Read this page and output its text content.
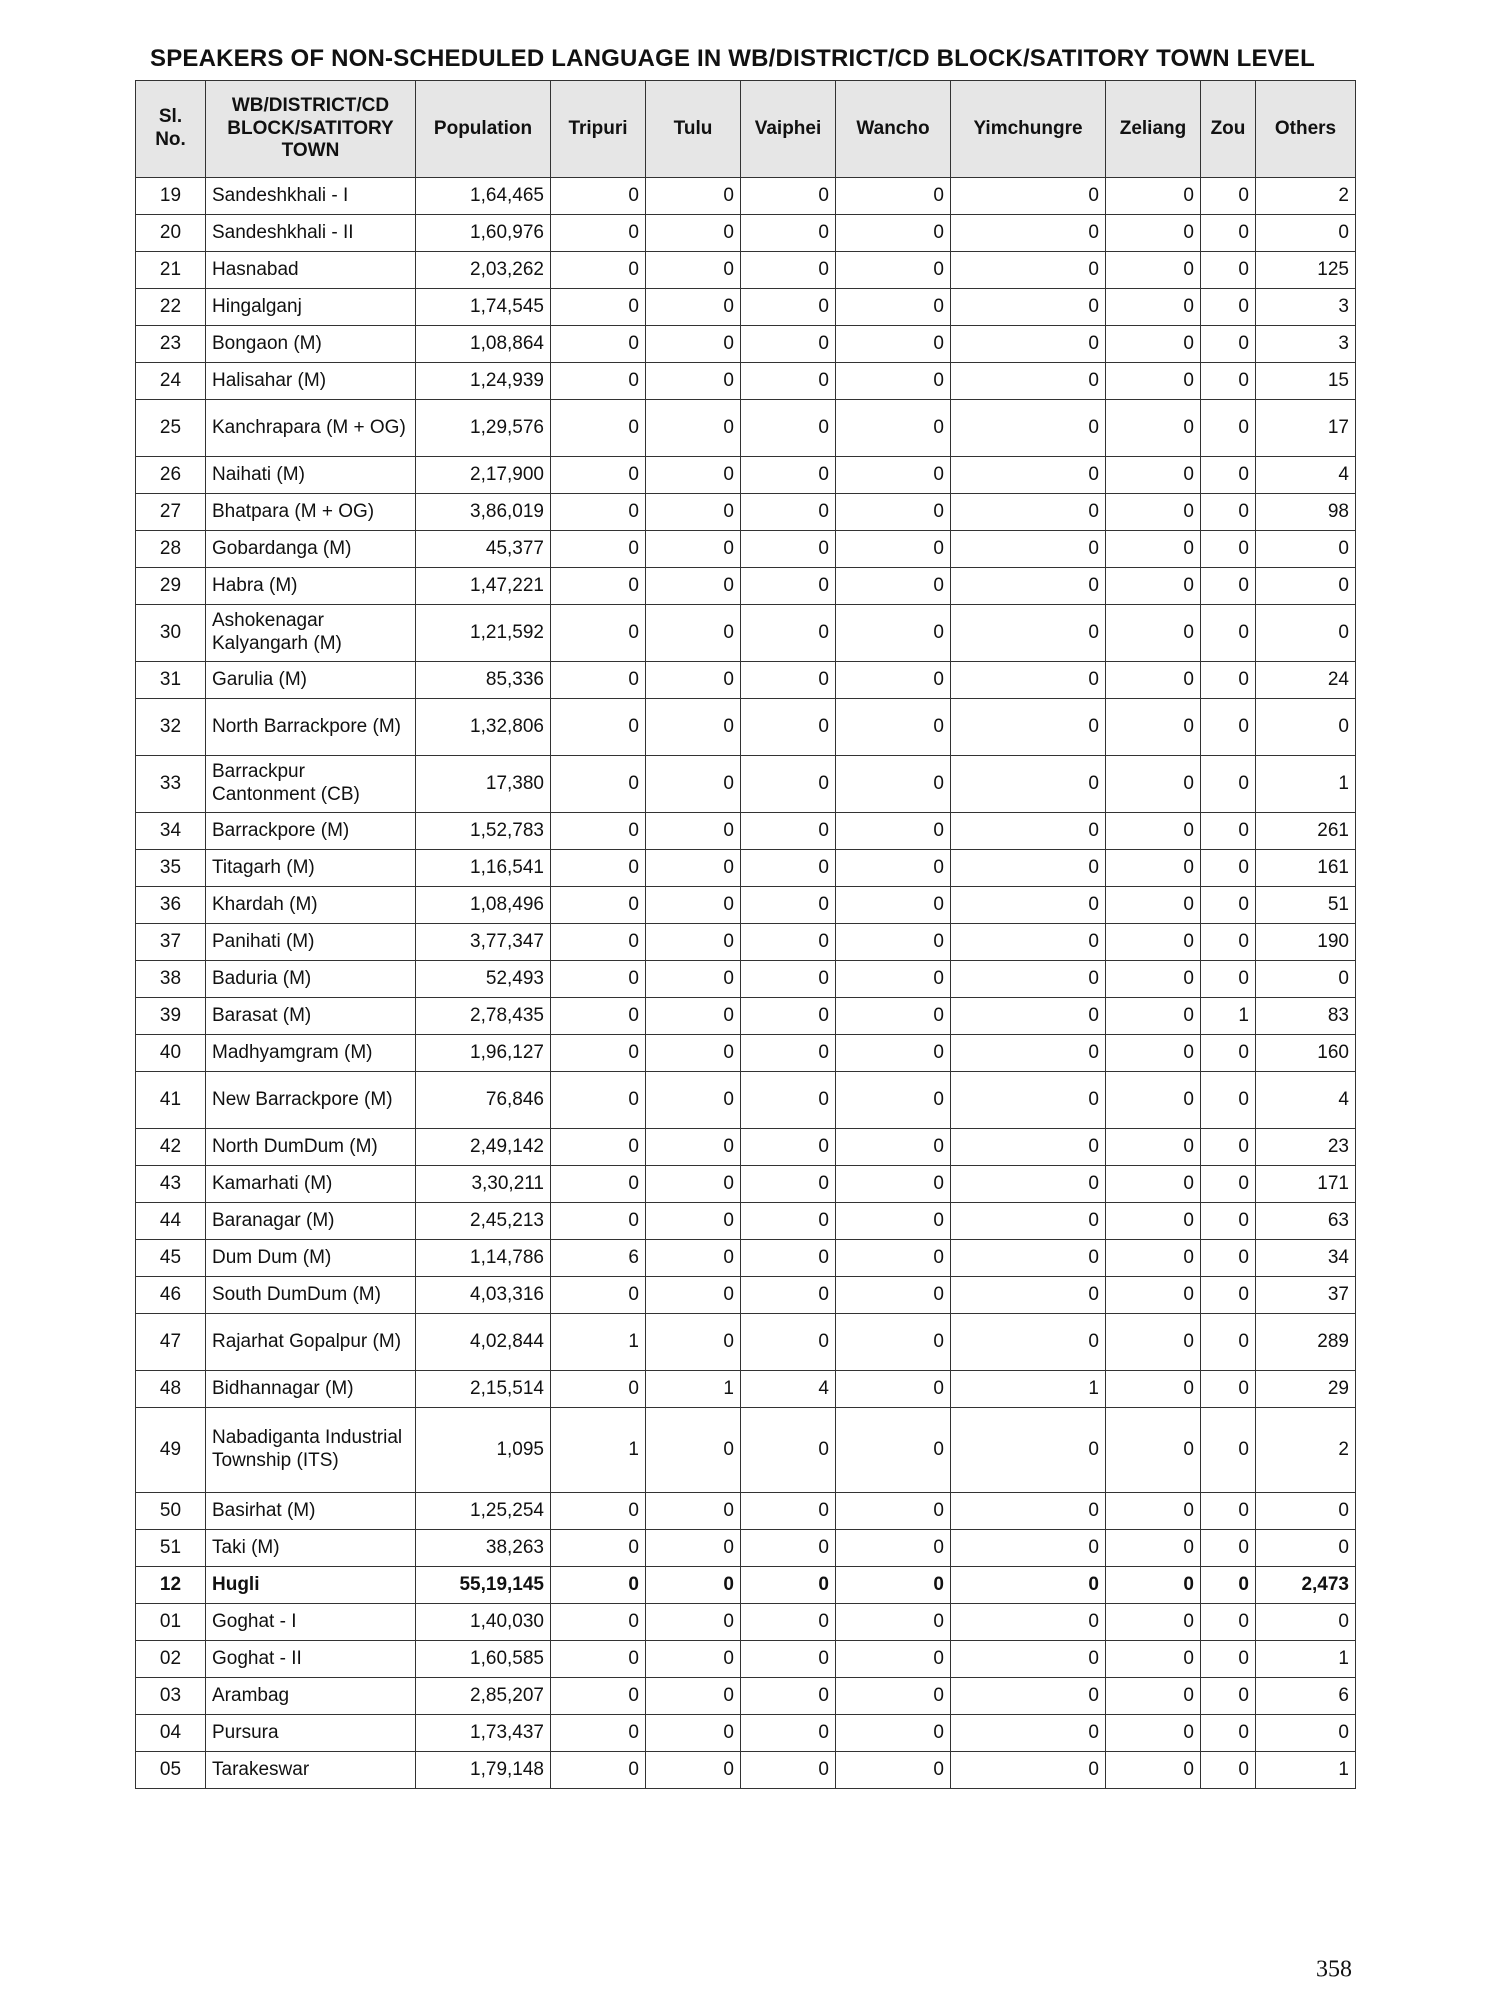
SPEAKERS OF NON-SCHEDULED LANGUAGE IN WB/DISTRICT/CD BLOCK/SATITORY TOWN LEVEL
Sl. No.	WB/DISTRICT/CD BLOCK/SATITORY TOWN	Population	Tripuri	Tulu	Vaiphei	Wancho	Yimchungre	Zeliang	Zou	Others
19	Sandeshkhali - I	1,64,465	0	0	0	0	0	0	0	2
20	Sandeshkhali - II	1,60,976	0	0	0	0	0	0	0	0
21	Hasnabad	2,03,262	0	0	0	0	0	0	0	125
22	Hingalganj	1,74,545	0	0	0	0	0	0	0	3
23	Bongaon (M)	1,08,864	0	0	0	0	0	0	0	3
24	Halisahar (M)	1,24,939	0	0	0	0	0	0	0	15
25	Kanchrapara (M + OG)	1,29,576	0	0	0	0	0	0	0	17
26	Naihati (M)	2,17,900	0	0	0	0	0	0	0	4
27	Bhatpara (M + OG)	3,86,019	0	0	0	0	0	0	0	98
28	Gobardanga (M)	45,377	0	0	0	0	0	0	0	0
29	Habra (M)	1,47,221	0	0	0	0	0	0	0	0
30	Ashokenagar Kalyangarh (M)	1,21,592	0	0	0	0	0	0	0	0
31	Garulia (M)	85,336	0	0	0	0	0	0	0	24
32	North Barrackpore (M)	1,32,806	0	0	0	0	0	0	0	0
33	Barrackpur Cantonment (CB)	17,380	0	0	0	0	0	0	0	1
34	Barrackpore (M)	1,52,783	0	0	0	0	0	0	0	261
35	Titagarh (M)	1,16,541	0	0	0	0	0	0	0	161
36	Khardah (M)	1,08,496	0	0	0	0	0	0	0	51
37	Panihati (M)	3,77,347	0	0	0	0	0	0	0	190
38	Baduria (M)	52,493	0	0	0	0	0	0	0	0
39	Barasat (M)	2,78,435	0	0	0	0	0	0	1	83
40	Madhyamgram (M)	1,96,127	0	0	0	0	0	0	0	160
41	New Barrackpore (M)	76,846	0	0	0	0	0	0	0	4
42	North DumDum (M)	2,49,142	0	0	0	0	0	0	0	23
43	Kamarhati (M)	3,30,211	0	0	0	0	0	0	0	171
44	Baranagar (M)	2,45,213	0	0	0	0	0	0	0	63
45	Dum Dum (M)	1,14,786	6	0	0	0	0	0	0	34
46	South DumDum (M)	4,03,316	0	0	0	0	0	0	0	37
47	Rajarhat Gopalpur (M)	4,02,844	1	0	0	0	0	0	0	289
48	Bidhannagar (M)	2,15,514	0	1	4	0	1	0	0	29
49	Nabadiganta Industrial Township (ITS)	1,095	1	0	0	0	0	0	0	2
50	Basirhat (M)	1,25,254	0	0	0	0	0	0	0	0
51	Taki (M)	38,263	0	0	0	0	0	0	0	0
12	Hugli	55,19,145	0	0	0	0	0	0	0	2,473
01	Goghat - I	1,40,030	0	0	0	0	0	0	0	0
02	Goghat - II	1,60,585	0	0	0	0	0	0	0	1
03	Arambag	2,85,207	0	0	0	0	0	0	0	6
04	Pursura	1,73,437	0	0	0	0	0	0	0	0
05	Tarakeswar	1,79,148	0	0	0	0	0	0	0	1
358
